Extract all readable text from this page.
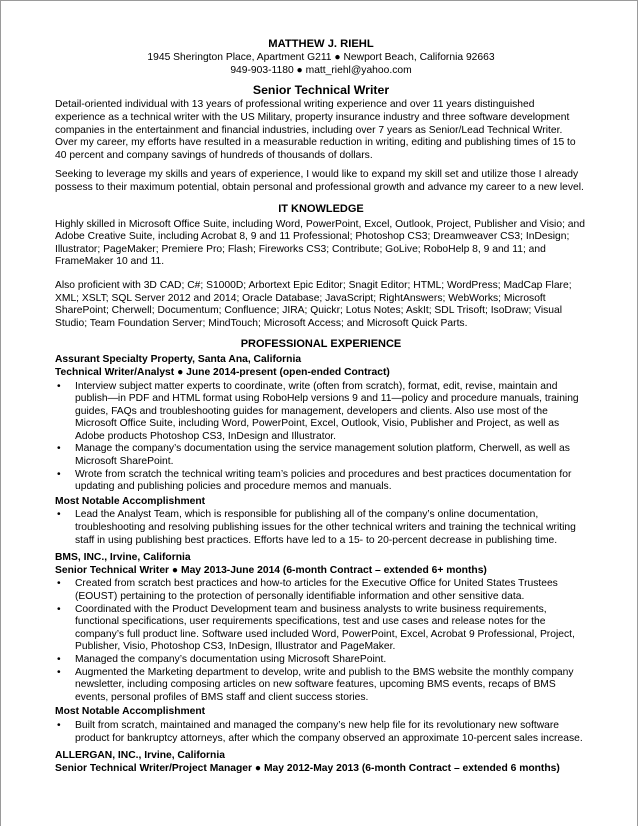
MATTHEW J. RIEHL

1945 Sherington Place, Apartment G211 ● Newport Beach, California 92663

949-903-1180 ● matt_riehl@yahoo.com

Senior Technical Writer

Detail-oriented individual with 13 years of professional writing experience and over 11 years distinguished experience as a technical writer with the US Military, property insurance industry and three software development companies in the entertainment and financial industries, including over 7 years as Senior/Lead Technical Writer. Over my career, my efforts have resulted in a measurable reduction in writing, editing and publishing times of 15 to 40 percent and company savings of hundreds of thousands of dollars.

Seeking to leverage my skills and years of experience, I would like to expand my skill set and utilize those I already possess to their maximum potential, obtain personal and professional growth and advance my career to a new level.

IT KNOWLEDGE

Highly skilled in Microsoft Office Suite, including Word, PowerPoint, Excel, Outlook, Project, Publisher and Visio; and Adobe Creative Suite, including Acrobat 8, 9 and 11 Professional; Photoshop CS3; Dreamweaver CS3; InDesign; Illustrator; PageMaker; Premiere Pro; Flash; Fireworks CS3; Contribute; GoLive; RoboHelp 8, 9 and 11; and FrameMaker 10 and 11.

Also proficient with 3D CAD; C#; S1000D; Arbortext Epic Editor; Snagit Editor; HTML; WordPress; MadCap Flare; XML; XSLT; SQL Server 2012 and 2014; Oracle Database; JavaScript; RightAnswers; WebWorks; Microsoft SharePoint; Cherwell; Documentum; Confluence; JIRA; Quickr; Lotus Notes; AskIt; SDL Trisoft; IsoDraw; Visual Studio; Team Foundation Server; MindTouch; Microsoft Access; and Microsoft Quick Parts.

PROFESSIONAL EXPERIENCE

Assurant Specialty Property, Santa Ana, California

Technical Writer/Analyst ● June 2014-present (open-ended Contract)

• Interview subject matter experts to coordinate, write (often from scratch), format, edit, revise, maintain and publish—in PDF and HTML format using RoboHelp versions 9 and 11—policy and procedure manuals, training guides, FAQs and troubleshooting guides for management, developers and clients. Also use most of the Microsoft Office Suite, including Word, PowerPoint, Excel, Outlook, Visio, Publisher and Project, as well as Adobe products Photoshop CS3, InDesign and Illustrator.
• Manage the company’s documentation using the service management solution platform, Cherwell, as well as Microsoft SharePoint.
• Wrote from scratch the technical writing team’s policies and procedures and best practices documentation for updating and publishing policies and procedure memos and manuals.

Most Notable Accomplishment

• Lead the Analyst Team, which is responsible for publishing all of the company’s online documentation, troubleshooting and resolving publishing issues for the other technical writers and training the technical writing staff in using publishing best practices. Efforts have led to a 15- to 20-percent decrease in publishing time.

BMS, INC., Irvine, California

Senior Technical Writer ● May 2013-June 2014 (6-month Contract – extended 6+ months)

• Created from scratch best practices and how-to articles for the Executive Office for United States Trustees (EOUST) pertaining to the protection of personally identifiable information and other sensitive data.
• Coordinated with the Product Development team and business analysts to write business requirements, functional specifications, user requirements specifications, test and use cases and release notes for the company’s full product line. Software used included Word, PowerPoint, Excel, Acrobat 9 Professional, Project, Publisher, Visio, Photoshop CS3, InDesign, Illustrator and PageMaker.
• Managed the company’s documentation using Microsoft SharePoint.
• Augmented the Marketing department to develop, write and publish to the BMS website the monthly company newsletter, including composing articles on new software features, upcoming BMS events, recaps of BMS events, personal profiles of BMS staff and client success stories.

Most Notable Accomplishment

• Built from scratch, maintained and managed the company’s new help file for its revolutionary new software product for bankruptcy attorneys, after which the company observed an approximate 10-percent sales increase.

ALLERGAN, INC., Irvine, California

Senior Technical Writer/Project Manager ● May 2012-May 2013 (6-month Contract – extended 6 months)
